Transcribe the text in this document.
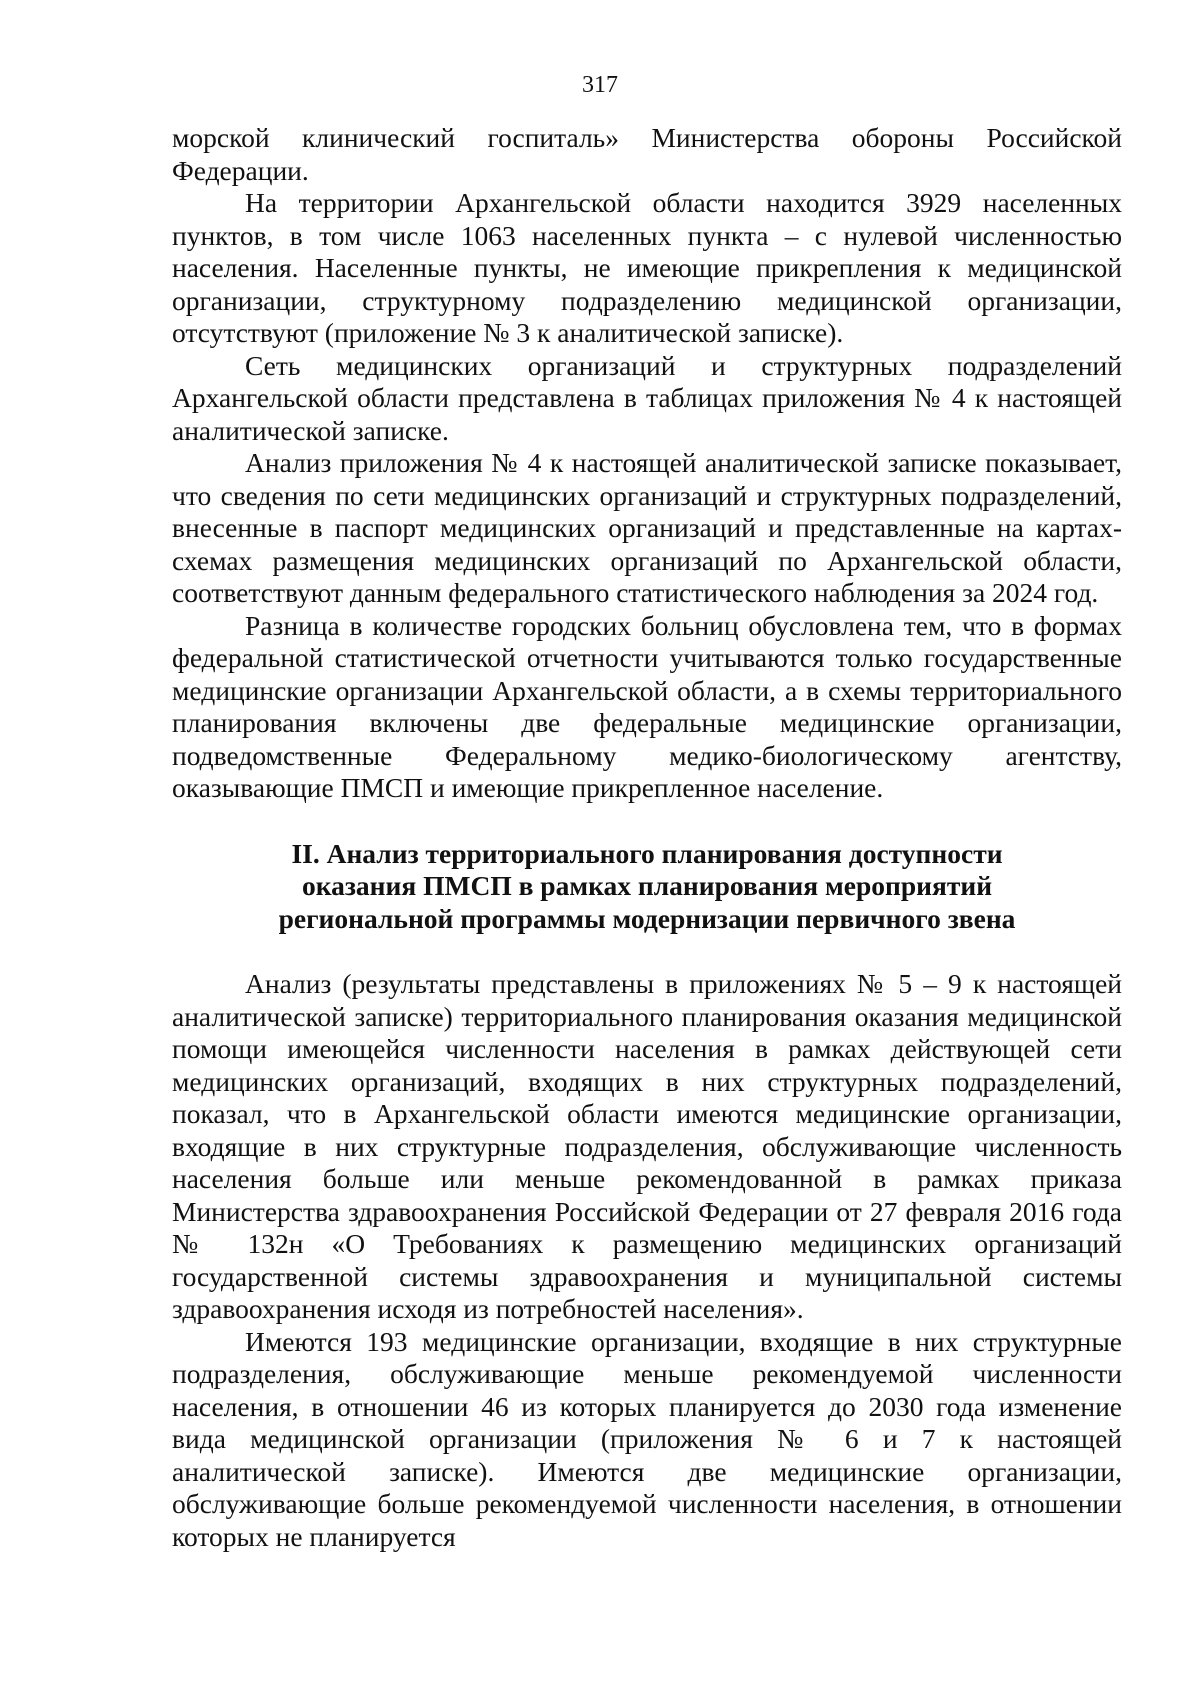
317

морской клинический госпиталь» Министерства обороны Российской Федерации.

На территории Архангельской области находится 3929 населенных пунктов, в том числе 1063 населенных пункта – с нулевой численностью населения. Населенные пункты, не имеющие прикрепления к медицинской организации, структурному подразделению медицинской организации, отсутствуют (приложение № 3 к аналитической записке).

Сеть медицинских организаций и структурных подразделений Архангельской области представлена в таблицах приложения № 4 к настоящей аналитической записке.

Анализ приложения № 4 к настоящей аналитической записке показывает, что сведения по сети медицинских организаций и структурных подразделений, внесенные в паспорт медицинских организаций и представленные на картах-схемах размещения медицинских организаций по Архангельской области, соответствуют данным федерального статистического наблюдения за 2024 год.

Разница в количестве городских больниц обусловлена тем, что в формах федеральной статистической отчетности учитываются только государственные медицинские организации Архангельской области, а в схемы территориального планирования включены две федеральные медицинские организации, подведомственные Федеральному медико-биологическому агентству, оказывающие ПМСП и имеющие прикрепленное население.

II. Анализ территориального планирования доступности
оказания ПМСП в рамках планирования мероприятий
региональной программы модернизации первичного звена

Анализ (результаты представлены в приложениях № 5 – 9 к настоящей аналитической записке) территориального планирования оказания медицинской помощи имеющейся численности населения в рамках действующей сети медицинских организаций, входящих в них структурных подразделений, показал, что в Архангельской области имеются медицинские организации, входящие в них структурные подразделения, обслуживающие численность населения больше или меньше рекомендованной в рамках приказа Министерства здравоохранения Российской Федерации от 27 февраля 2016 года № 132н «О Требованиях к размещению медицинских организаций государственной системы здравоохранения и муниципальной системы здравоохранения исходя из потребностей населения».

Имеются 193 медицинские организации, входящие в них структурные подразделения, обслуживающие меньше рекомендуемой численности населения, в отношении 46 из которых планируется до 2030 года изменение вида медицинской организации (приложения № 6 и 7 к настоящей аналитической записке). Имеются две медицинские организации, обслуживающие больше рекомендуемой численности населения, в отношении которых не планируется
